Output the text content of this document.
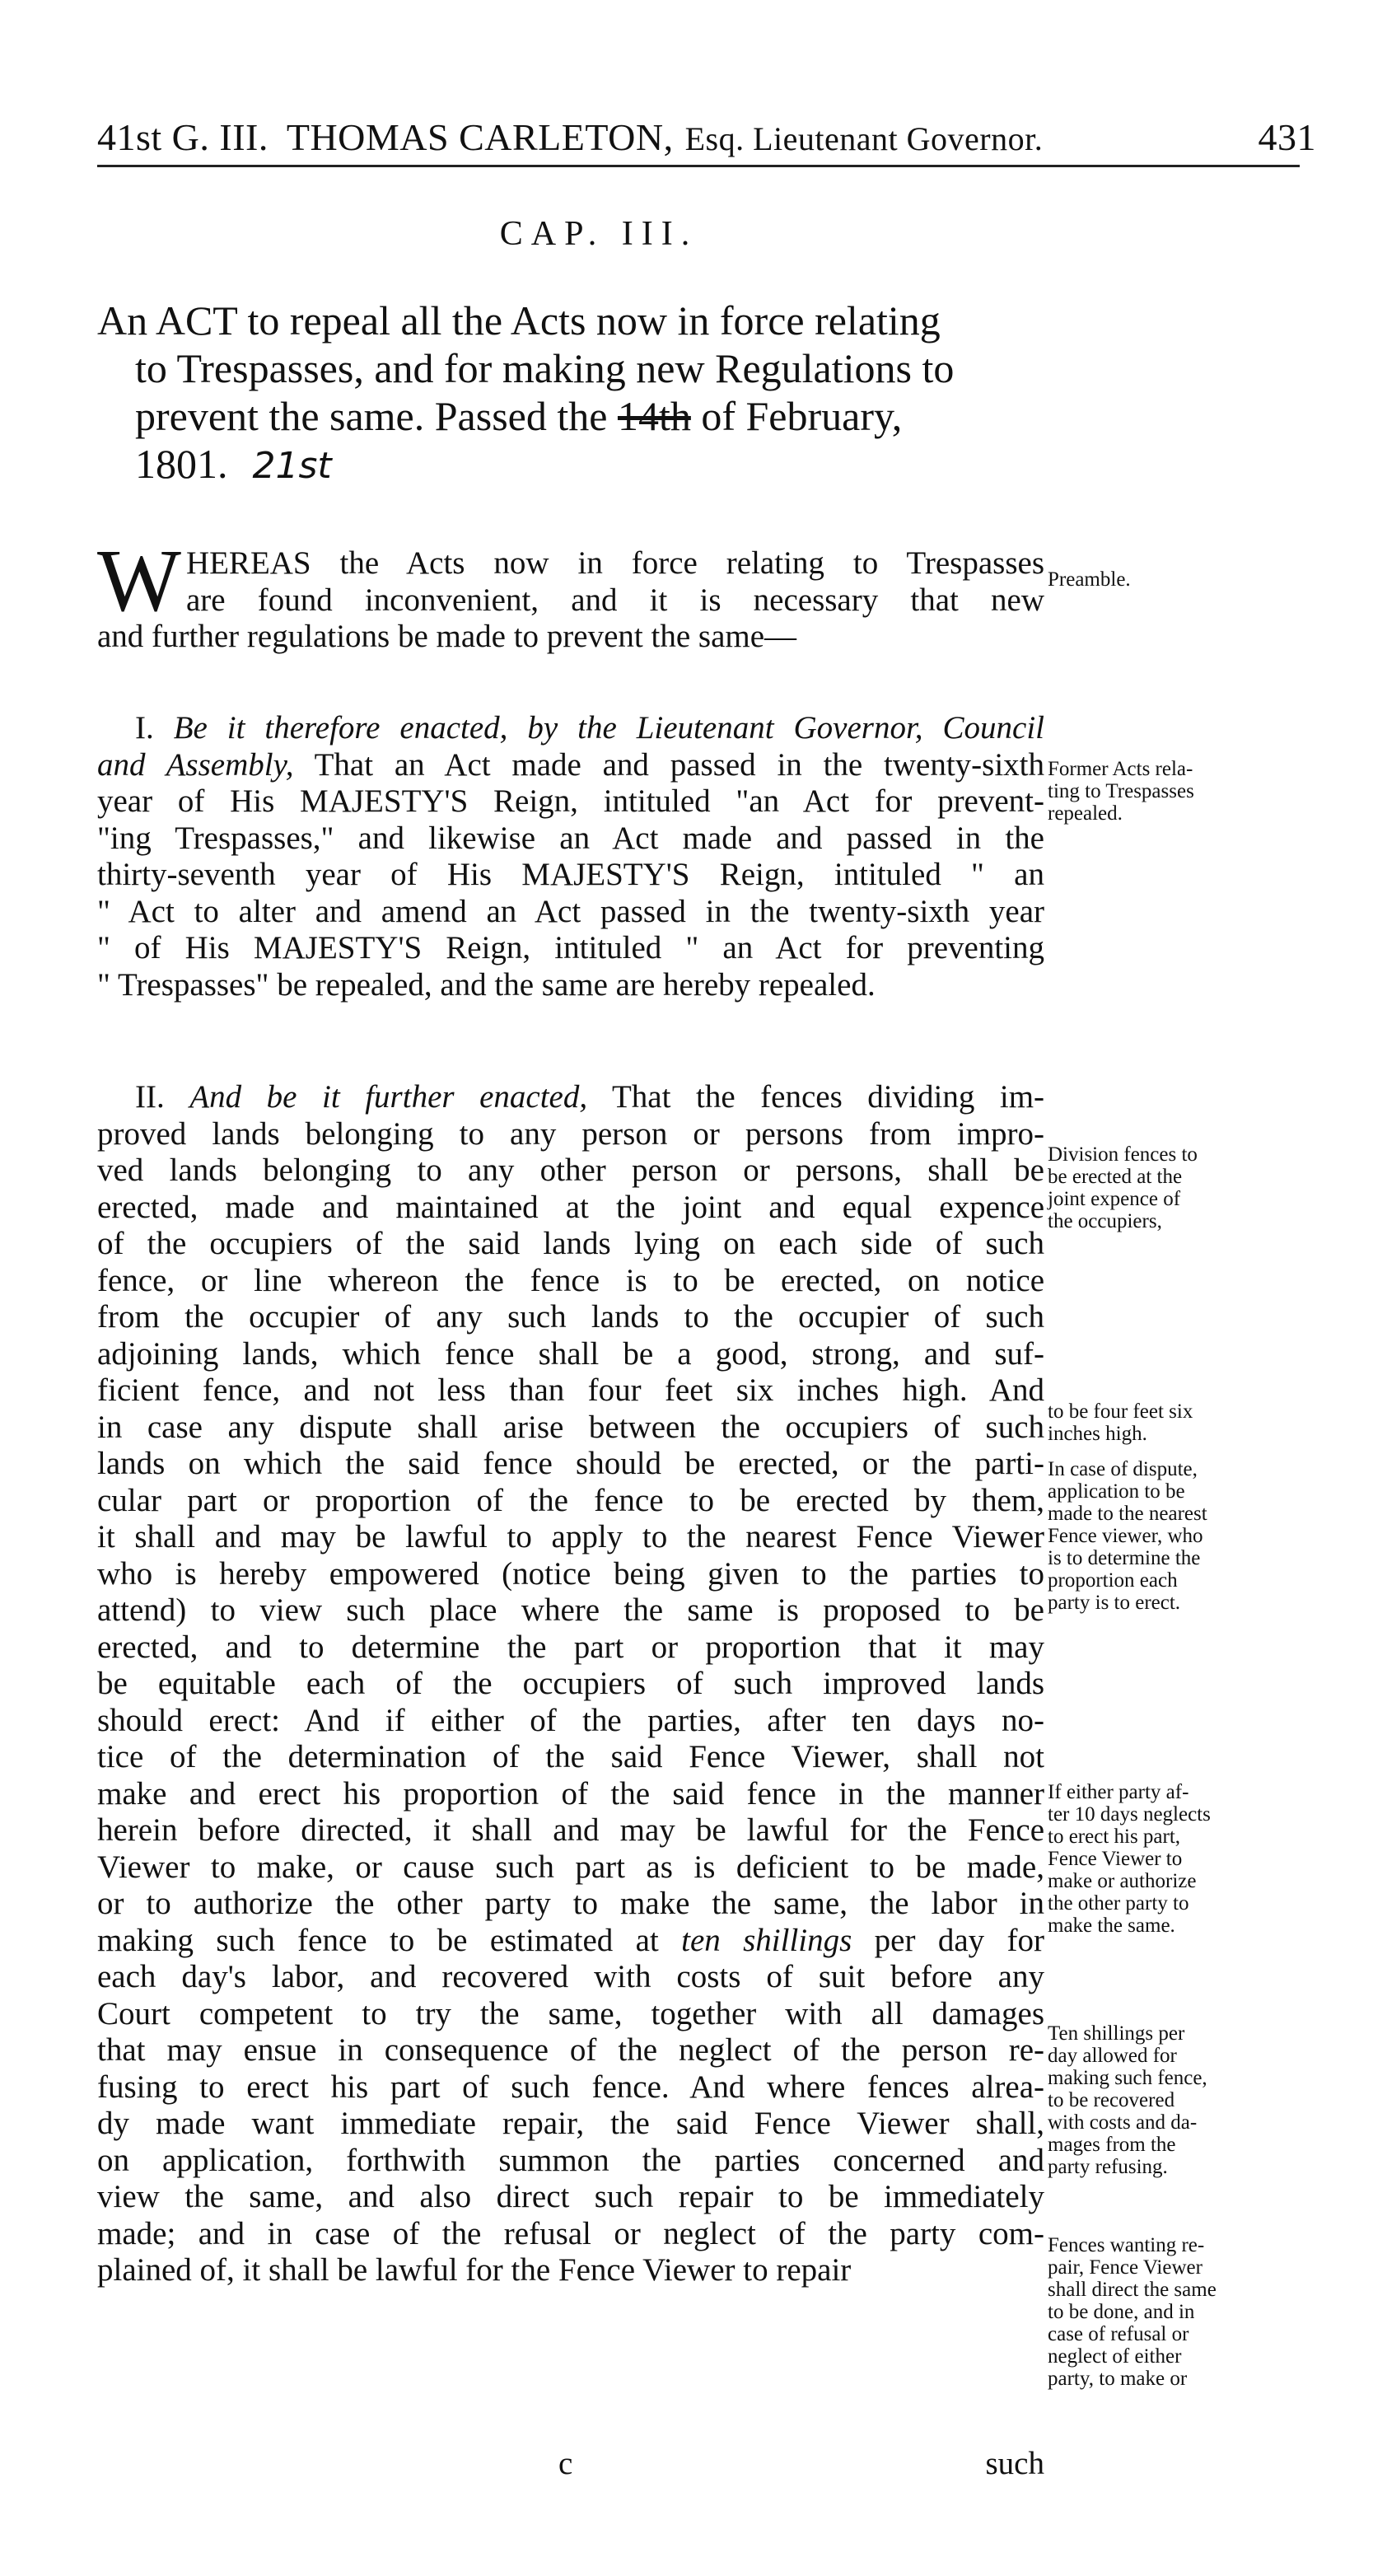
41st G. III. THOMAS CARLETON, Esq. Lieutenant Governor.	431
CAP. III.
An ACT to repeal all the Acts now in force relating
to Trespasses, and for making new Regulations to
prevent the same. Passed the 14th of February,
1801. 21st
W HEREAS the Acts now in force relating to Trespasses
are found inconvenient, and it is necessary that new
and further regulations be made to prevent the same—
Preamble.
I. Be it therefore enacted, by the Lieutenant Governor, Council
and Assembly, That an Act made and passed in the twenty-sixth
year of His MAJESTY'S Reign, intituled "an Act for prevent-
"ing Trespasses," and likewise an Act made and passed in the
thirty-seventh year of His MAJESTY'S Reign, intituled " an
" Act to alter and amend an Act passed in the twenty-sixth year
" of His MAJESTY'S Reign, intituled " an Act for preventing
" Trespasses" be repealed, and the same are hereby repealed.
Former Acts rela-
ting to Trespasses
repealed.
II. And be it further enacted, That the fences dividing im-
proved lands belonging to any person or persons from impro-
ved lands belonging to any other person or persons, shall be
erected, made and maintained at the joint and equal expence
of the occupiers of the said lands lying on each side of such
fence, or line whereon the fence is to be erected, on notice
from the occupier of any such lands to the occupier of such
adjoining lands, which fence shall be a good, strong, and suf-
ficient fence, and not less than four feet six inches high. And
in case any dispute shall arise between the occupiers of such
lands on which the said fence should be erected, or the parti-
cular part or proportion of the fence to be erected by them,
it shall and may be lawful to apply to the nearest Fence Viewer
who is hereby empowered (notice being given to the parties to
attend) to view such place where the same is proposed to be
erected, and to determine the part or proportion that it may
be equitable each of the occupiers of such improved lands
should erect: And if either of the parties, after ten days no-
tice of the determination of the said Fence Viewer, shall not
make and erect his proportion of the said fence in the manner
herein before directed, it shall and may be lawful for the Fence
Viewer to make, or cause such part as is deficient to be made,
or to authorize the other party to make the same, the labor in
making such fence to be estimated at ten shillings per day for
each day's labor, and recovered with costs of suit before any
Court competent to try the same, together with all damages
that may ensue in consequence of the neglect of the person re-
fusing to erect his part of such fence. And where fences alrea-
dy made want immediate repair, the said Fence Viewer shall,
on application, forthwith summon the parties concerned and
view the same, and also direct such repair to be immediately
made; and in case of the refusal or neglect of the party com-
plained of, it shall be lawful for the Fence Viewer to repair
Division fences to
be erected at the
joint expence of
the occupiers,
to be four feet six
inches high.
In case of dispute,
application to be
made to the nearest
Fence viewer, who
is to determine the
proportion each
party is to erect.
If either party af-
ter 10 days neglects
to erect his part,
Fence Viewer to
make or authorize
the other party to
make the same.
Ten shillings per
day allowed for
making such fence,
to be recovered
with costs and da-
mages from the
party refusing.
Fences wanting re-
pair, Fence Viewer
shall direct the same
to be done, and in
case of refusal or
neglect of either
party, to make or
c	such
